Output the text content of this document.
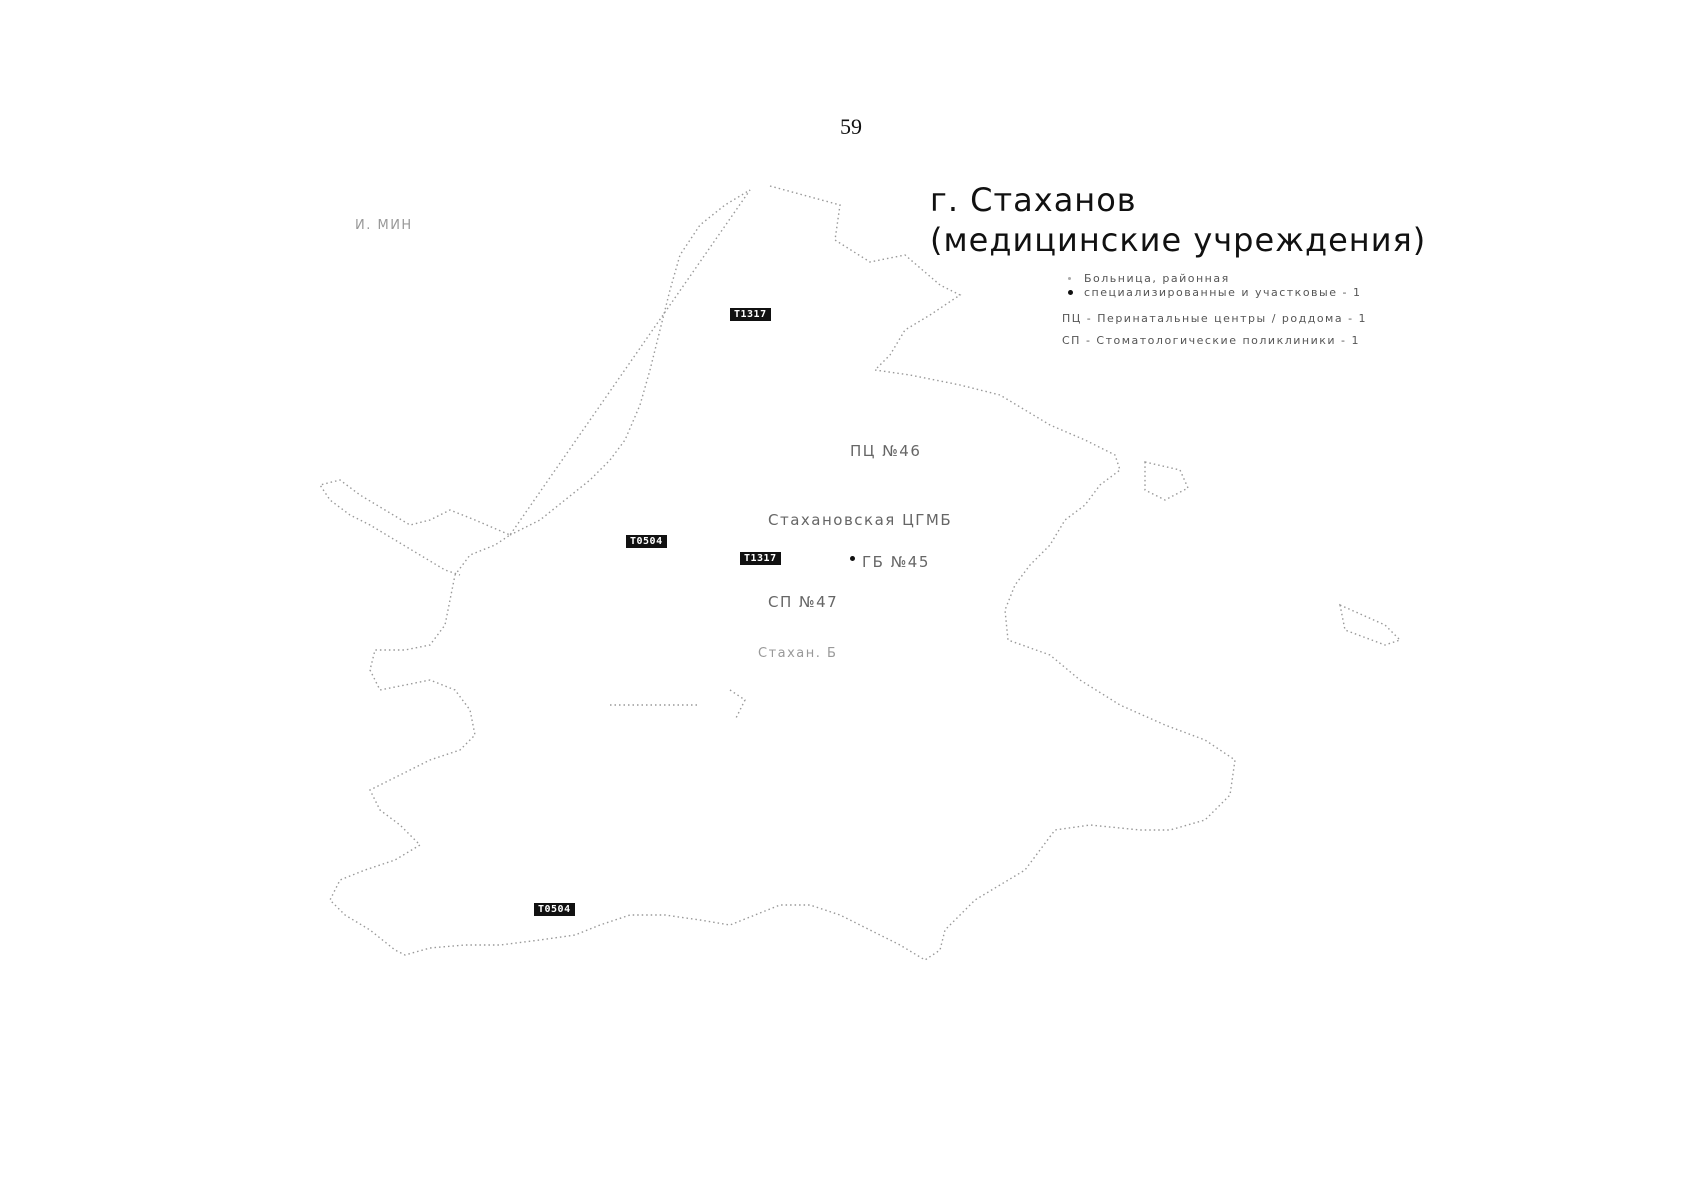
59
г. Стаханов
(медицинские учреждения)
Больница, районная
специализированные и участковые - 1
ПЦ - Перинатальные центры / роддома - 1
СП - Стоматологические поликлиники - 1
И. МИН
ПЦ №46
Стахановская ЦГМБ
ГБ №45
СП №47
Стахан. Б
Т1317
Т1317
Т0504
Т0504
